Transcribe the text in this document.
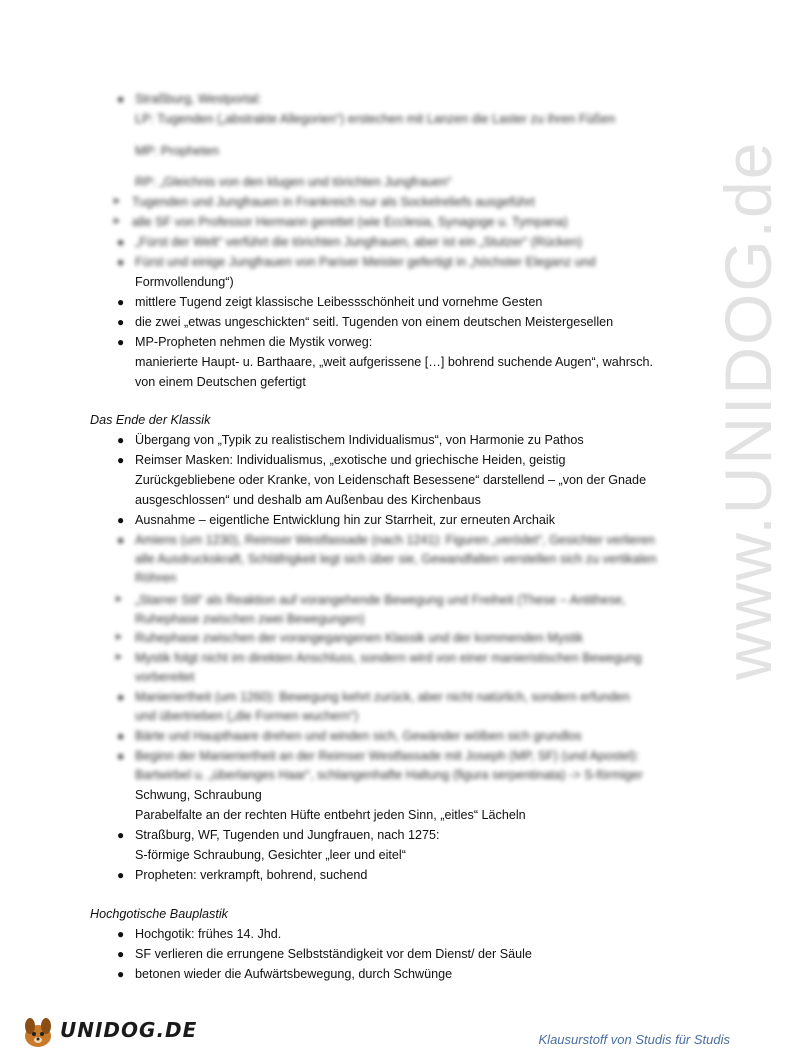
www.UNIDOG.de
● Straßburg, Westportal:
LP: Tugenden („abstrakte Allegorien“) erstechen mit Lanzen die Laster zu ihren Füßen
MP: Propheten
RP: „Gleichnis von den klugen und törichten Jungfrauen“
➤ Tugenden und Jungfrauen in Frankreich nur als Sockelreliefs ausgeführt
➤ alle SF von Professor Hermann gerettet (wie Ecclesia, Synagoge u. Tympana)
● „Fürst der Welt“ verführt die törichten Jungfrauen, aber ist ein „Stutzer“ (Rücken)
● Fürst und einige Jungfrauen von Pariser Meister gefertigt in „höchster Eleganz und
Formvollendung“)
● mittlere Tugend zeigt klassische Leibessschönheit und vornehme Gesten
● die zwei „etwas ungeschickten“ seitl. Tugenden von einem deutschen Meistergesellen
● MP-Propheten nehmen die Mystik vorweg:
manierierte Haupt- u. Barthaare, „weit aufgerissene […] bohrend suchende Augen“, wahrsch.
von einem Deutschen gefertigt
Das Ende der Klassik
● Übergang von „Typik zu realistischem Individualismus“, von Harmonie zu Pathos
● Reimser Masken: Individualismus, „exotische und griechische Heiden, geistig
Zurückgebliebene oder Kranke, von Leidenschaft Besessene“ darstellend – „von der Gnade
ausgeschlossen“ und deshalb am Außenbau des Kirchenbaus
● Ausnahme – eigentliche Entwicklung hin zur Starrheit, zur erneuten Archaik
● Amiens (um 1230), Reimser Westfassade (nach 1241): Figuren „verödet“, Gesichter verlieren
alle Ausdruckskraft, Schläfrigkeit legt sich über sie, Gewandfalten verstellen sich zu vertikalen
Röhren
➤ „Starrer Stil“ als Reaktion auf vorangehende Bewegung und Freiheit (These – Antithese,
Ruhephase zwischen zwei Bewegungen)
➤ Ruhephase zwischen der vorangegangenen Klassik und der kommenden Mystik
➤ Mystik folgt nicht im direkten Anschluss, sondern wird von einer manieristischen Bewegung
vorbereitet
● Manieriertheit (um 1260): Bewegung kehrt zurück, aber nicht natürlich, sondern erfunden
und übertrieben („die Formen wuchern“)
● Bärte und Haupthaare drehen und winden sich, Gewänder wölben sich grundlos
● Beginn der Manieriertheit an der Reimser Westfassade mit Joseph (MP, SF) (und Apostel):
Bartwirbel u. „überlanges Haar“, schlangenhafte Haltung (figura serpentinata) -> S-förmiger
Schwung, Schraubung
Parabelfalte an der rechten Hüfte entbehrt jeden Sinn, „eitles“ Lächeln
● Straßburg, WF, Tugenden und Jungfrauen, nach 1275:
S-förmige Schraubung, Gesichter „leer und eitel“
● Propheten: verkrampft, bohrend, suchend
Hochgotische Bauplastik
● Hochgotik: frühes 14. Jhd.
● SF verlieren die errungene Selbstständigkeit vor dem Dienst/ der Säule
● betonen wieder die Aufwärtsbewegung, durch Schwünge
UNIDOG.DE	Klausurstoff von Studis für Studis
